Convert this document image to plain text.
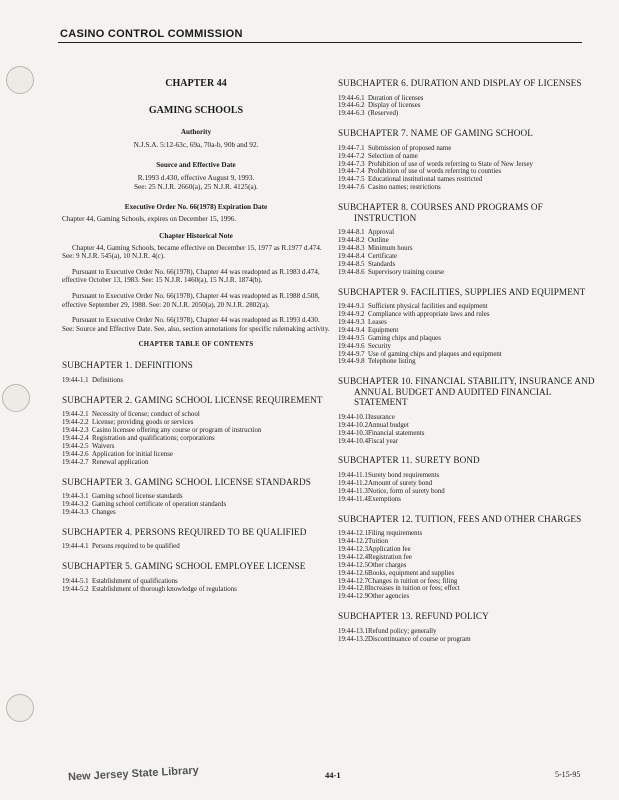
CASINO CONTROL COMMISSION
CHAPTER 44
GAMING SCHOOLS
Authority
N.J.S.A. 5:12-63c, 69a, 70a-b, 90b and 92.
Source and Effective Date
R.1993 d.430, effective August 9, 1993.
See: 25 N.J.R. 2660(a), 25 N.J.R. 4125(a).
Executive Order No. 66(1978) Expiration Date
Chapter 44, Gaming Schools, expires on December 15, 1996.
Chapter Historical Note
Chapter 44, Gaming Schools, became effective on December 15, 1977 as R.1977 d.474. See: 9 N.J.R. 545(a), 10 N.J.R. 4(c).
Pursuant to Executive Order No. 66(1978), Chapter 44 was readopted as R.1983 d.474, effective October 13, 1983. See: 15 N.J.R. 1460(a), 15 N.J.R. 1874(b).
Pursuant to Executive Order No. 66(1978), Chapter 44 was readopted as R.1988 d.508, effective September 29, 1988. See: 20 N.J.R. 2050(a), 20 N.J.R. 2802(a).
Pursuant to Executive Order No. 66(1978), Chapter 44 was readopted as R.1993 d.430. See: Source and Effective Date. See, also, section annotations for specific rulemaking activity.
CHAPTER TABLE OF CONTENTS
SUBCHAPTER 1. DEFINITIONS
19:44-1.1 Definitions
SUBCHAPTER 2. GAMING SCHOOL LICENSE REQUIREMENT
19:44-2.1 Necessity of license; conduct of school
19:44-2.2 License; providing goods or services
19:44-2.3 Casino licensee offering any course or program of instruction
19:44-2.4 Registration and qualifications; corporations
19:44-2.5 Waivers
19:44-2.6 Application for initial license
19:44-2.7 Renewal application
SUBCHAPTER 3. GAMING SCHOOL LICENSE STANDARDS
19:44-3.1 Gaming school license standards
19:44-3.2 Gaming school certificate of operation standards
19:44-3.3 Changes
SUBCHAPTER 4. PERSONS REQUIRED TO BE QUALIFIED
19:44-4.1 Persons required to be qualified
SUBCHAPTER 5. GAMING SCHOOL EMPLOYEE LICENSE
19:44-5.1 Establishment of qualifications
19:44-5.2 Establishment of thorough knowledge of regulations
SUBCHAPTER 6. DURATION AND DISPLAY OF LICENSES
19:44-6.1 Duration of licenses
19:44-6.2 Display of licenses
19:44-6.3 (Reserved)
SUBCHAPTER 7. NAME OF GAMING SCHOOL
19:44-7.1 Submission of proposed name
19:44-7.2 Selection of name
19:44-7.3 Prohibition of use of words referring to State of New Jersey
19:44-7.4 Prohibition of use of words referring to counties
19:44-7.5 Educational institutional names restricted
19:44-7.6 Casino names; restrictions
SUBCHAPTER 8. COURSES AND PROGRAMS OF INSTRUCTION
19:44-8.1 Approval
19:44-8.2 Outline
19:44-8.3 Minimum hours
19:44-8.4 Certificate
19:44-8.5 Standards
19:44-8.6 Supervisory training course
SUBCHAPTER 9. FACILITIES, SUPPLIES AND EQUIPMENT
19:44-9.1 Sufficient physical facilities and equipment
19:44-9.2 Compliance with appropriate laws and rules
19:44-9.3 Leases
19:44-9.4 Equipment
19:44-9.5 Gaming chips and plaques
19:44-9.6 Security
19:44-9.7 Use of gaming chips and plaques and equipment
19:44-9.8 Telephone listing
SUBCHAPTER 10. FINANCIAL STABILITY, INSURANCE AND ANNUAL BUDGET AND AUDITED FINANCIAL STATEMENT
19:44-10.1 Insurance
19:44-10.2 Annual budget
19:44-10.3 Financial statements
19:44-10.4 Fiscal year
SUBCHAPTER 11. SURETY BOND
19:44-11.1 Surety bond requirements
19:44-11.2 Amount of surety bond
19:44-11.3 Notice, form of surety bond
19:44-11.4 Exemptions
SUBCHAPTER 12. TUITION, FEES AND OTHER CHARGES
19:44-12.1 Filing requirements
19:44-12.2 Tuition
19:44-12.3 Application fee
19:44-12.4 Registration fee
19:44-12.5 Other charges
19:44-12.6 Books, equipment and supplies
19:44-12.7 Changes in tuition or fees; filing
19:44-12.8 Increases in tuition or fees; effect
19:44-12.9 Other agencies
SUBCHAPTER 13. REFUND POLICY
19:44-13.1 Refund policy; generally
19:44-13.2 Discontinuance of course or program
New Jersey State Library	44-1	5-15-95
